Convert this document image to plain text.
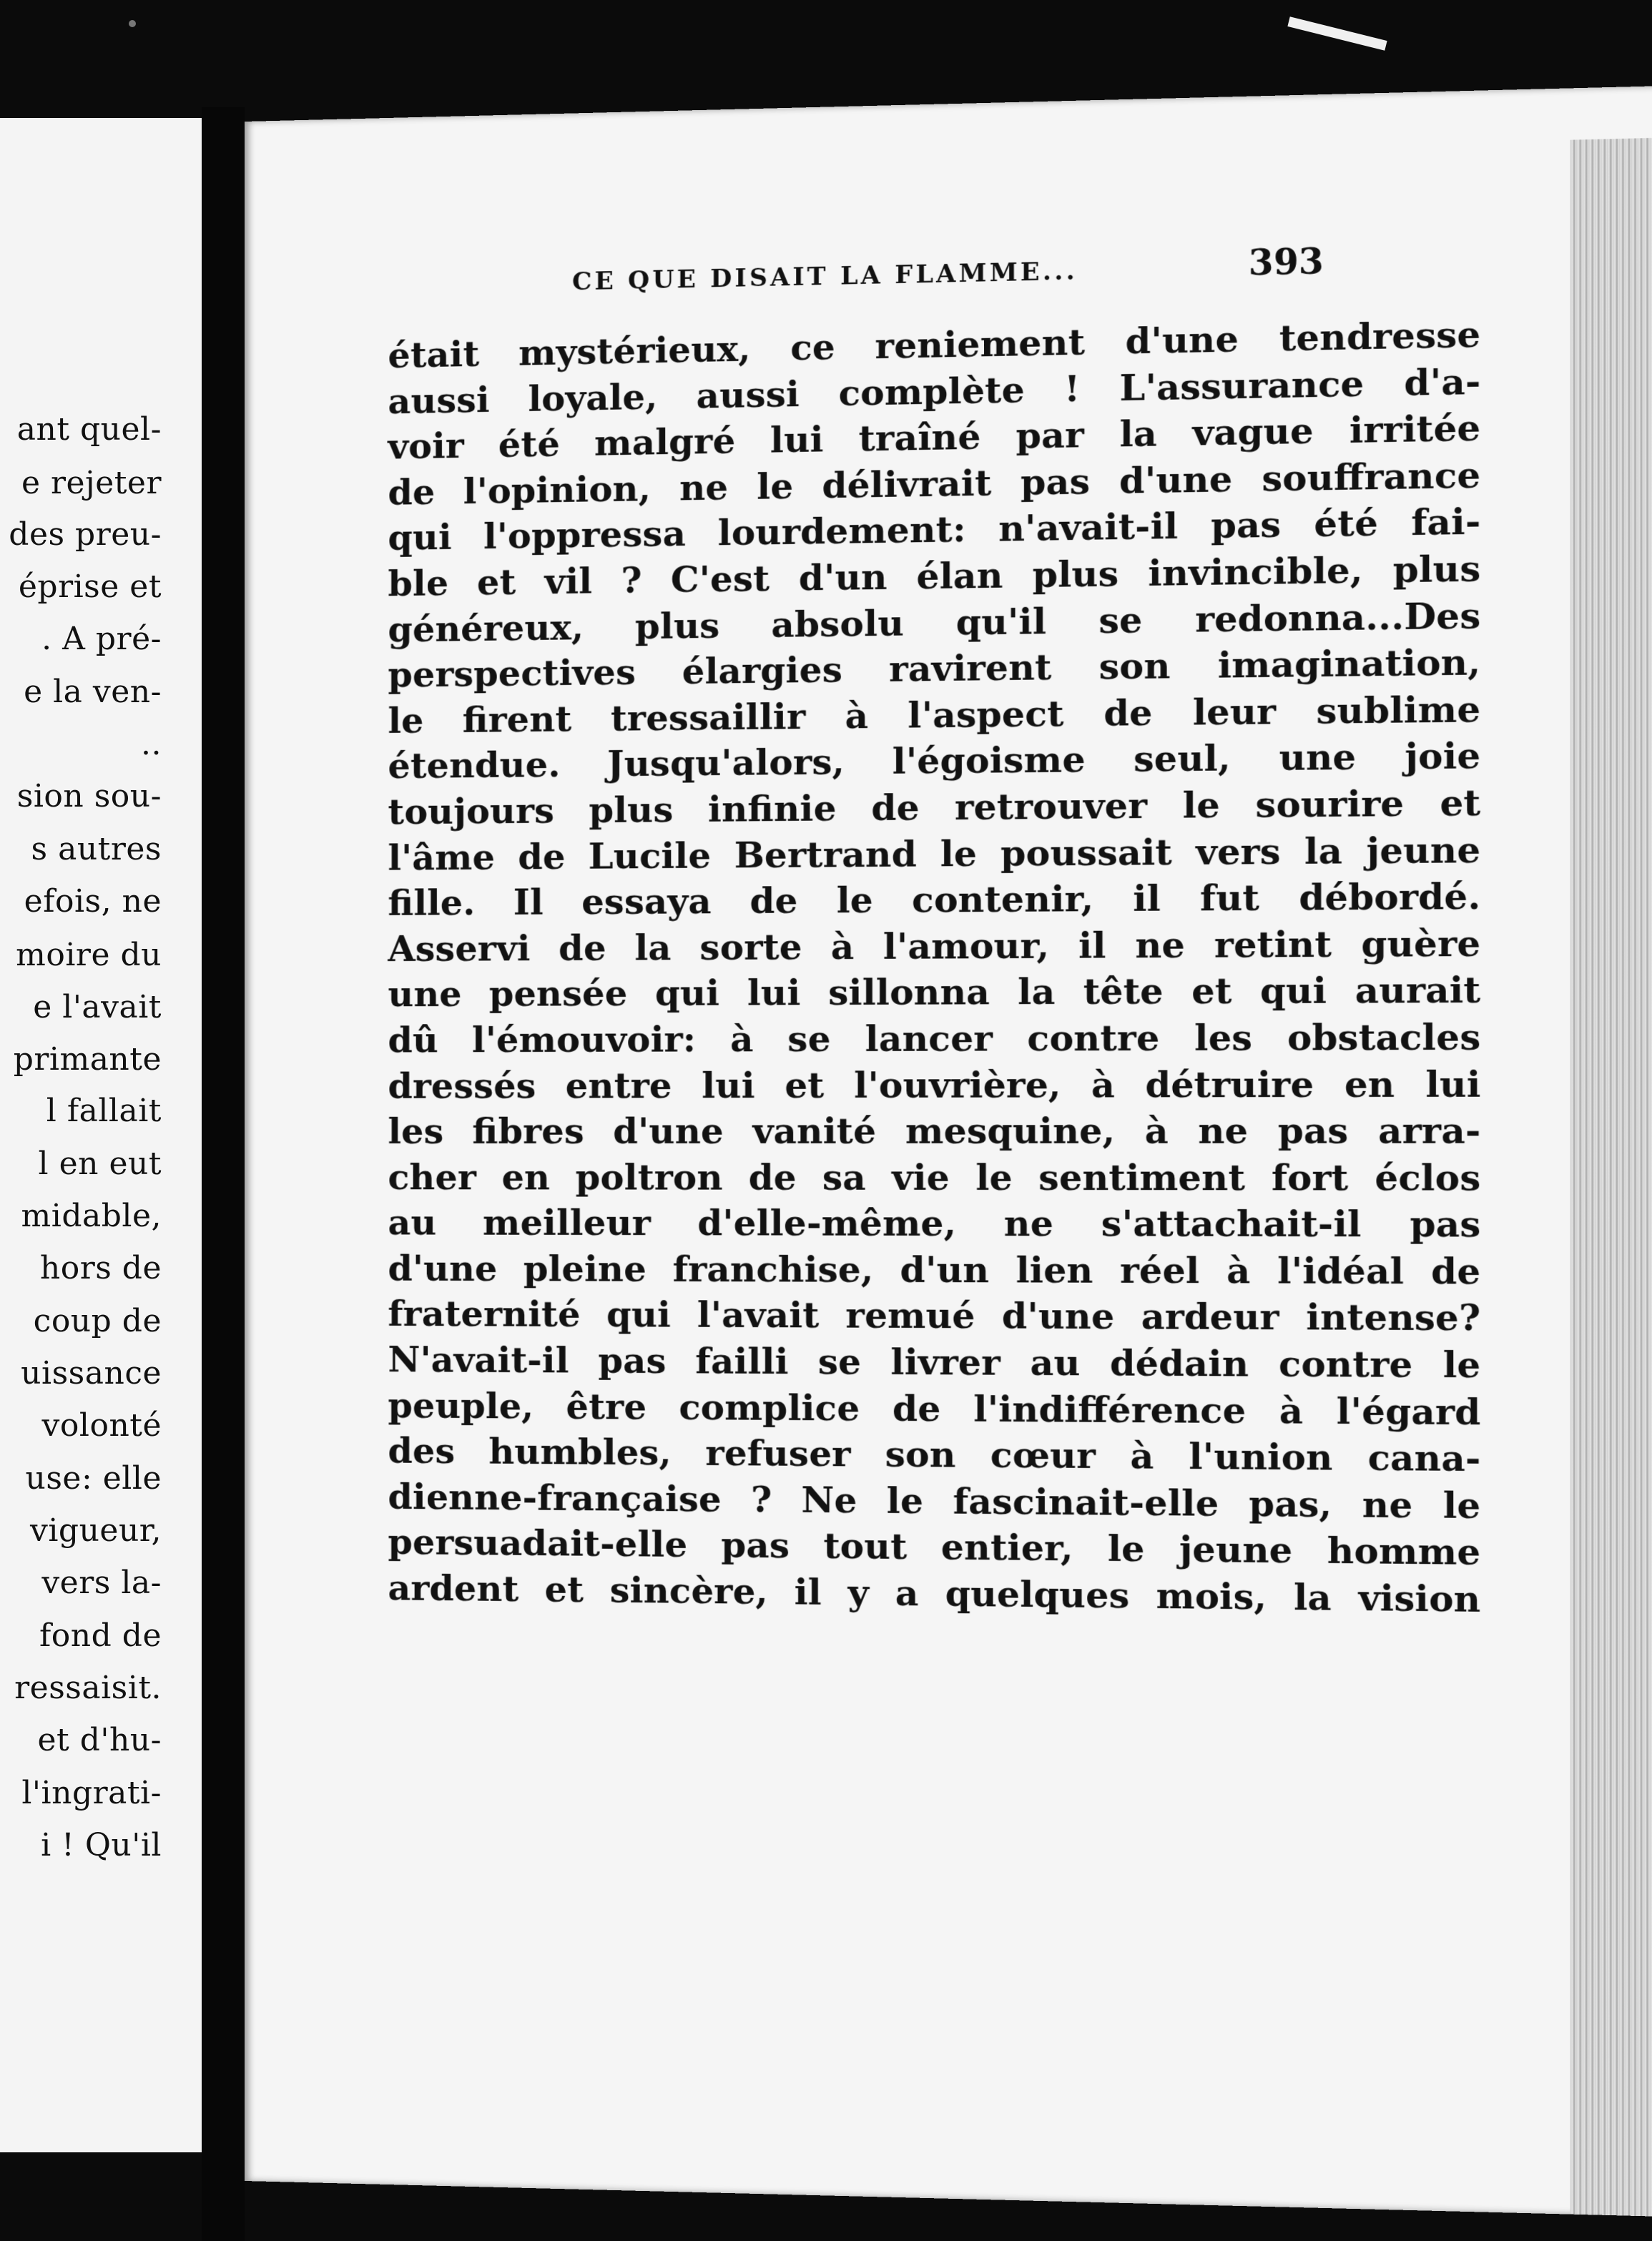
ant quel-
e rejeter
des preu-
éprise et
. A pré-
e la ven-
..
sion sou-
s autres
efois, ne
moire du
e l'avait
primante
l fallait
l en eut
midable,
hors de
coup de
uissance
volonté
use: elle
vigueur,
vers la-
fond de
ressaisit.
et d'hu-
l'ingrati-
i ! Qu'il
CE QUE DISAIT LA FLAMME...	393
était mystérieux, ce reniement d'une tendresse
aussi loyale, aussi complète ! L'assurance d'a-
voir été malgré lui traîné par la vague irritée
de l'opinion, ne le délivrait pas d'une souffrance
qui l'oppressa lourdement: n'avait-il pas été fai-
ble et vil ? C'est d'un élan plus invincible, plus
généreux, plus absolu qu'il se redonna...Des
perspectives élargies ravirent son imagination,
le firent tressaillir à l'aspect de leur sublime
étendue. Jusqu'alors, l'égoisme seul, une joie
toujours plus infinie de retrouver le sourire et
l'âme de Lucile Bertrand le poussait vers la jeune
fille. Il essaya de le contenir, il fut débordé.
Asservi de la sorte à l'amour, il ne retint guère
une pensée qui lui sillonna la tête et qui aurait
dû l'émouvoir: à se lancer contre les obstacles
dressés entre lui et l'ouvrière, à détruire en lui
les fibres d'une vanité mesquine, à ne pas arra-
cher en poltron de sa vie le sentiment fort éclos
au meilleur d'elle-même, ne s'attachait-il pas
d'une pleine franchise, d'un lien réel à l'idéal de
fraternité qui l'avait remué d'une ardeur intense?
N'avait-il pas failli se livrer au dédain contre le
peuple, être complice de l'indifférence à l'égard
des humbles, refuser son cœur à l'union cana-
dienne-française ? Ne le fascinait-elle pas, ne le
persuadait-elle pas tout entier, le jeune homme
ardent et sincère, il y a quelques mois, la vision
